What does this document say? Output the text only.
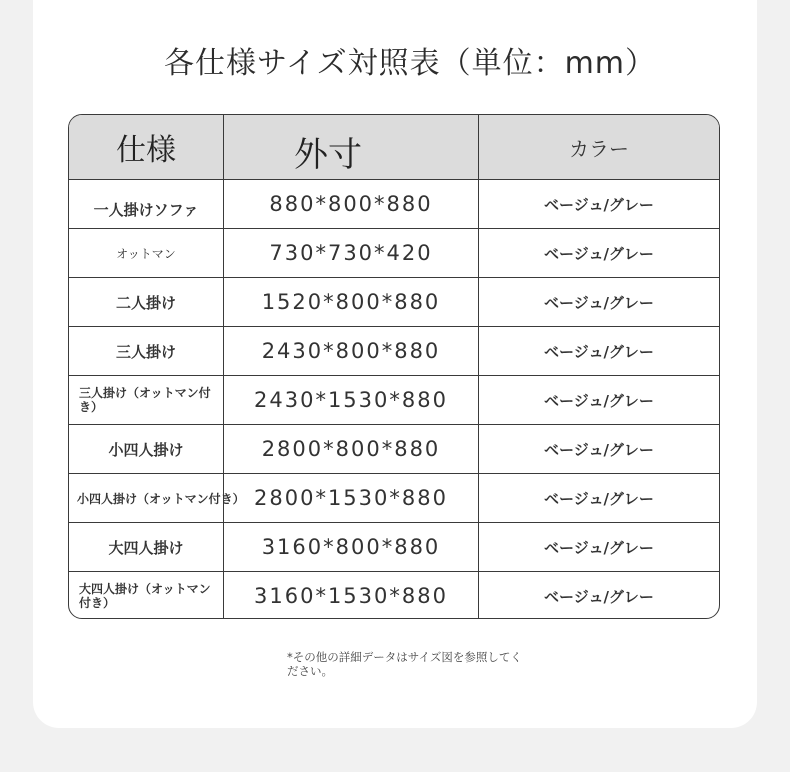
各仕様サイズ対照表（単位：mm）
仕様	外寸	カラー
一人掛けソファ	880*800*880	ベージュ/グレー
オットマン	730*730*420	ベージュ/グレー
二人掛け	1520*800*880	ベージュ/グレー
三人掛け	2430*800*880	ベージュ/グレー
三人掛け（オットマン付き）	2430*1530*880	ベージュ/グレー
小四人掛け	2800*800*880	ベージュ/グレー
小四人掛け（オットマン付き） 2800*1530*880	ベージュ/グレー
大四人掛け	3160*800*880	ベージュ/グレー
大四人掛け（オットマン付き）	3160*1530*880	ベージュ/グレー
*その他の詳細データはサイズ図を参照してください。
